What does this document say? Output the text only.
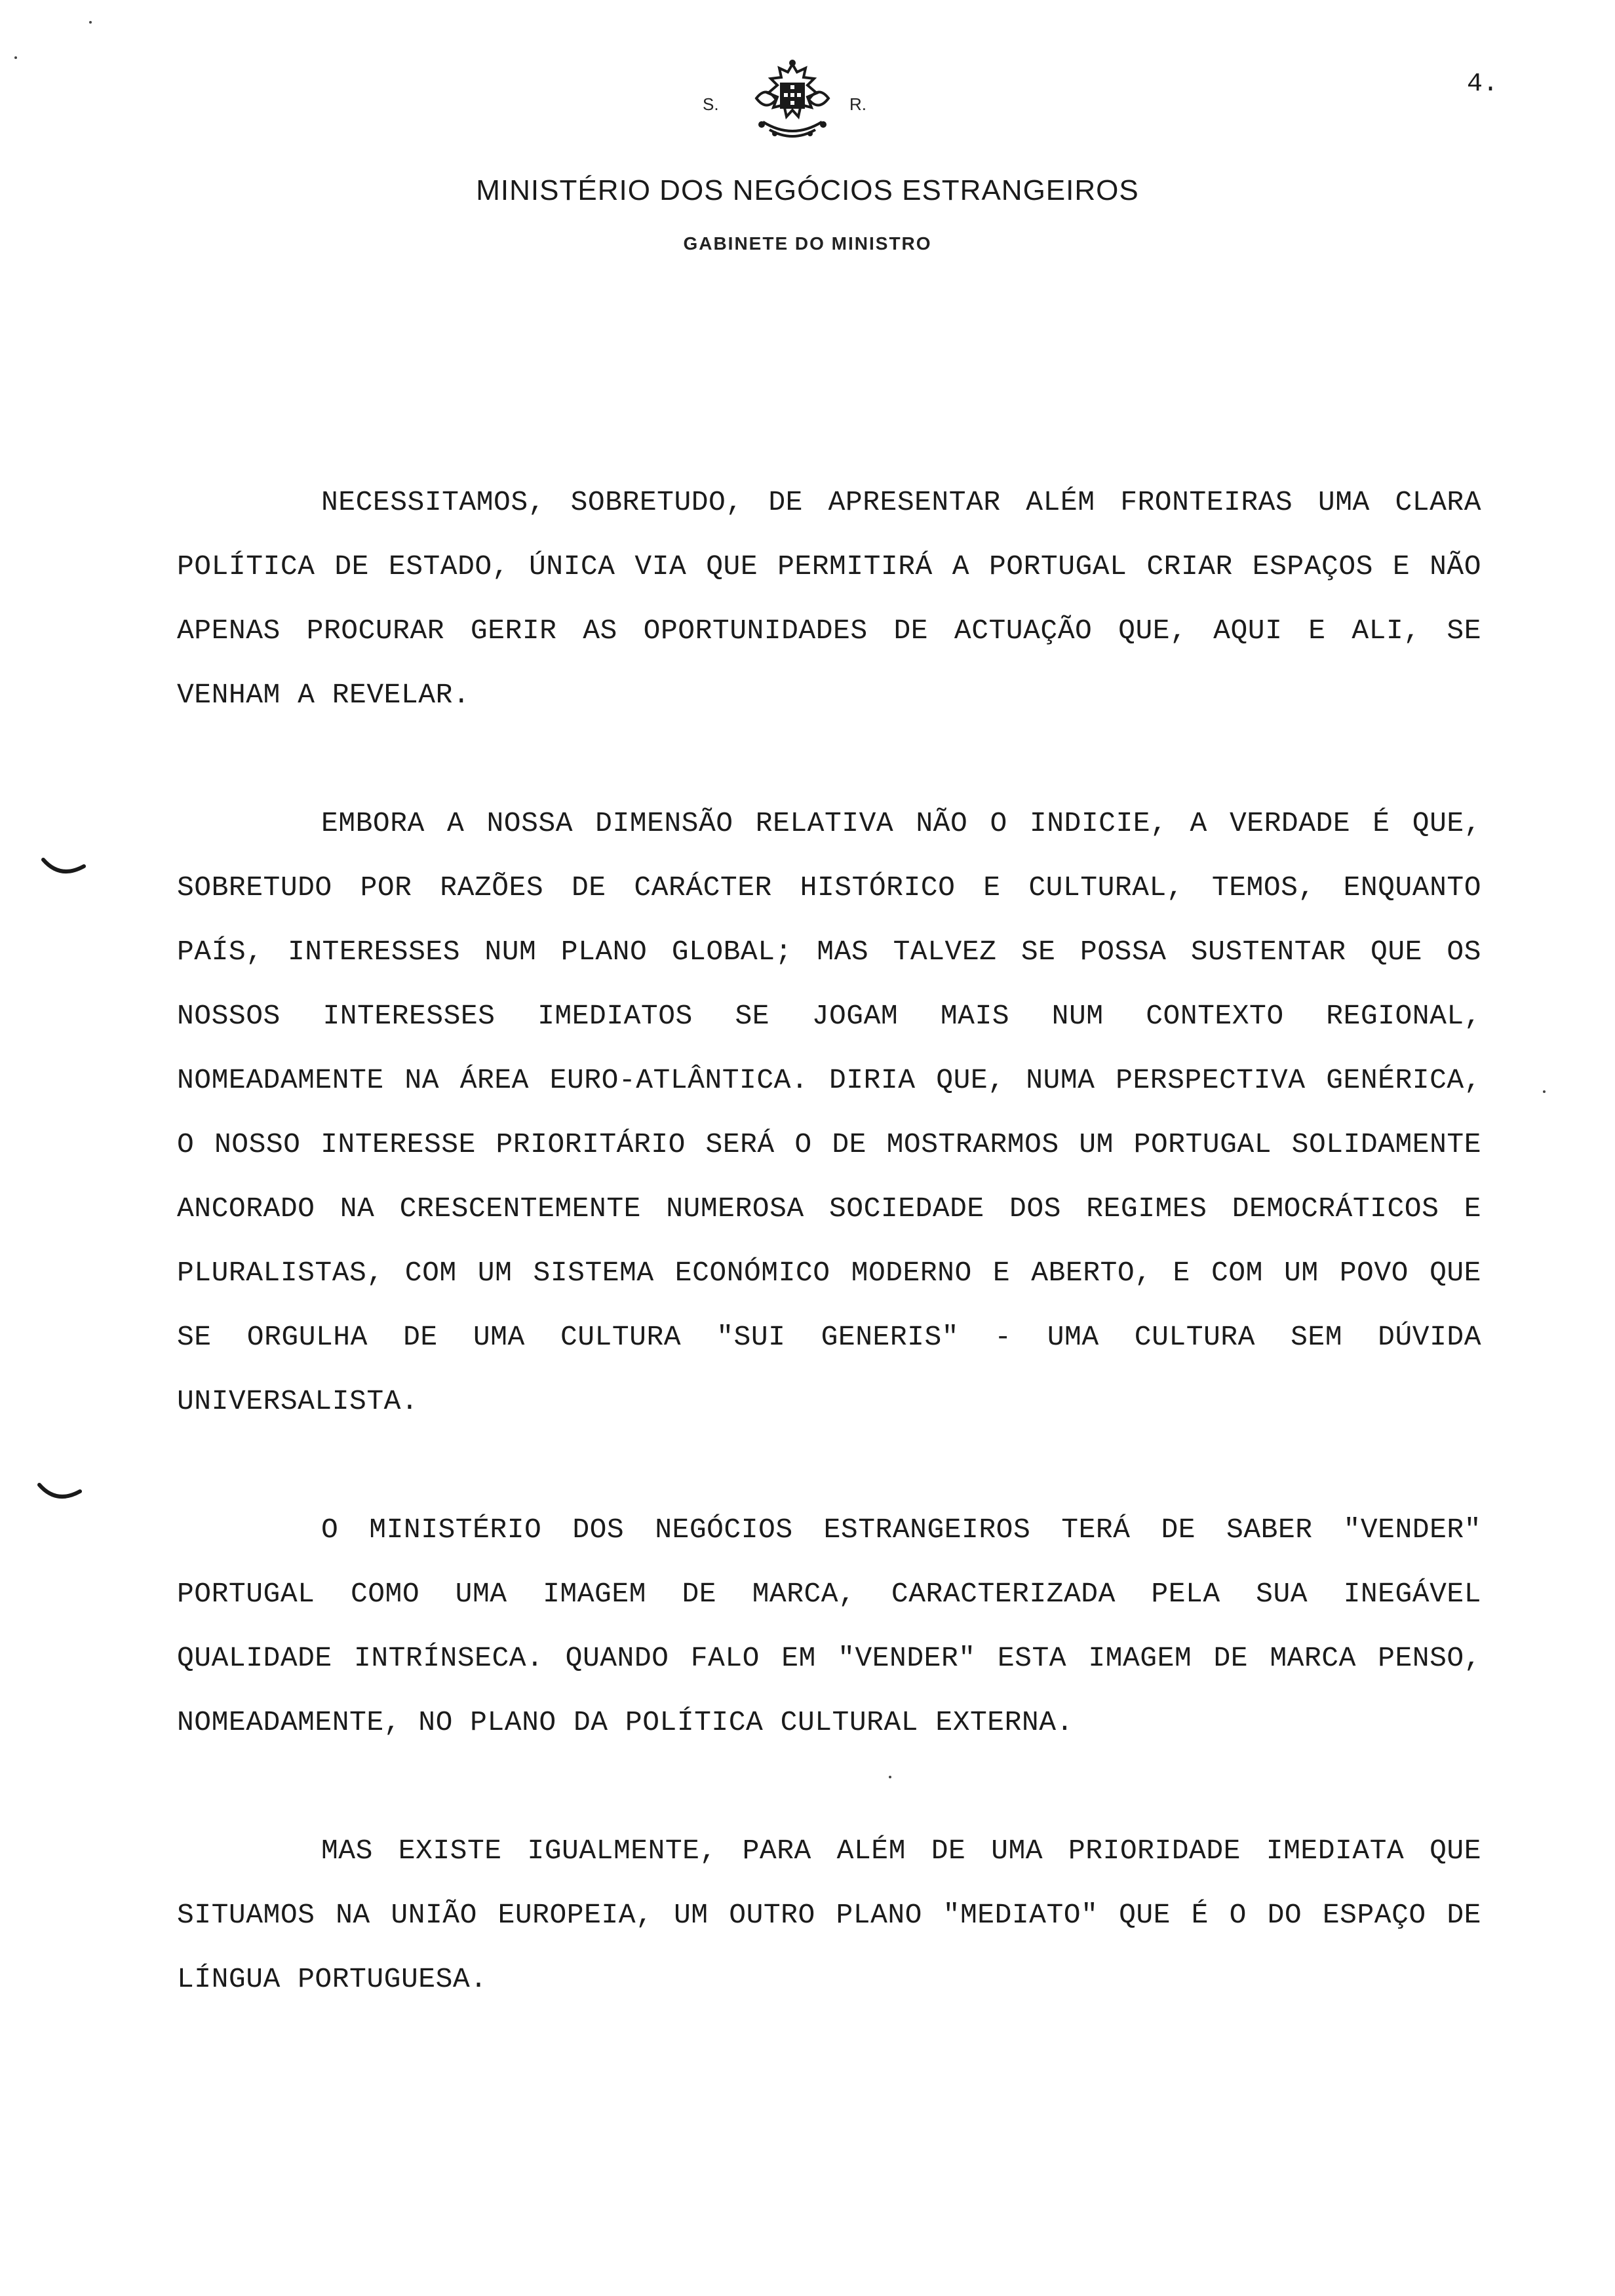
S.	R.
MINISTÉRIO DOS NEGÓCIOS ESTRANGEIROS
GABINETE DO MINISTRO
4.

NECESSITAMOS, SOBRETUDO, DE APRESENTAR ALÉM FRONTEIRAS UMA CLARA POLÍTICA DE ESTADO, ÚNICA VIA QUE PERMITIRÁ A PORTUGAL CRIAR ESPAÇOS E NÃO APENAS PROCURAR GERIR AS OPORTUNIDADES DE ACTUAÇÃO QUE, AQUI E ALI, SE VENHAM A REVELAR.

EMBORA A NOSSA DIMENSÃO RELATIVA NÃO O INDICIE, A VERDADE É QUE, SOBRETUDO POR RAZÕES DE CARÁCTER HISTÓRICO E CULTURAL, TEMOS, ENQUANTO PAÍS, INTERESSES NUM PLANO GLOBAL; MAS TALVEZ SE POSSA SUSTENTAR QUE OS NOSSOS INTERESSES IMEDIATOS SE JOGAM MAIS NUM CONTEXTO REGIONAL, NOMEADAMENTE NA ÁREA EURO-ATLÂNTICA. DIRIA QUE, NUMA PERSPECTIVA GENÉRICA, O NOSSO INTERESSE PRIORITÁRIO SERÁ O DE MOSTRARMOS UM PORTUGAL SOLIDAMENTE ANCORADO NA CRESCENTEMENTE NUMEROSA SOCIEDADE DOS REGIMES DEMOCRÁTICOS E PLURALISTAS, COM UM SISTEMA ECONÓMICO MODERNO E ABERTO, E COM UM POVO QUE SE ORGULHA DE UMA CULTURA "SUI GENERIS" - UMA CULTURA SEM DÚVIDA UNIVERSALISTA.

O MINISTÉRIO DOS NEGÓCIOS ESTRANGEIROS TERÁ DE SABER "VENDER" PORTUGAL COMO UMA IMAGEM DE MARCA, CARACTERIZADA PELA SUA INEGÁVEL QUALIDADE INTRÍNSECA. QUANDO FALO EM "VENDER" ESTA IMAGEM DE MARCA PENSO, NOMEADAMENTE, NO PLANO DA POLÍTICA CULTURAL EXTERNA.

MAS EXISTE IGUALMENTE, PARA ALÉM DE UMA PRIORIDADE IMEDIATA QUE SITUAMOS NA UNIÃO EUROPEIA, UM OUTRO PLANO "MEDIATO" QUE É O DO ESPAÇO DE LÍNGUA PORTUGUESA.
